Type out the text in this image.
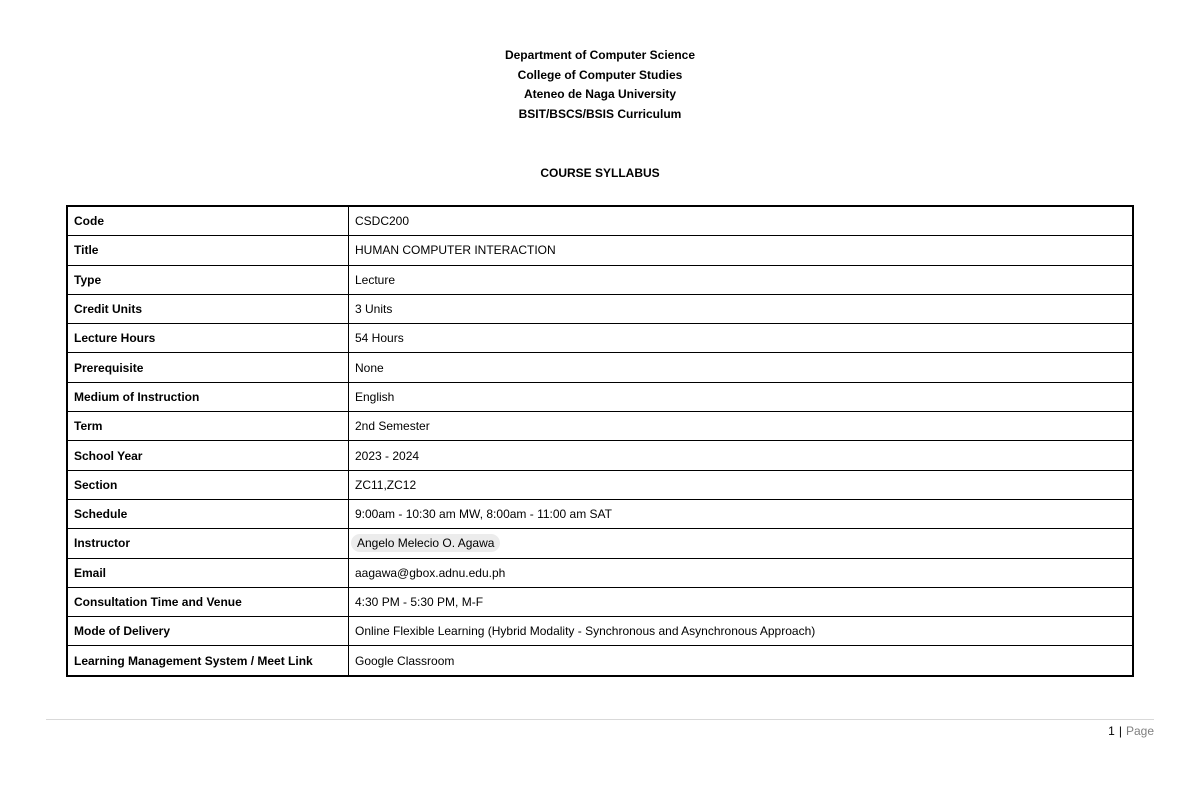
Department of Computer Science
College of Computer Studies
Ateneo de Naga University
BSIT/BSCS/BSIS Curriculum
COURSE SYLLABUS
Code	CSDC200
Title	HUMAN COMPUTER INTERACTION
Type	Lecture
Credit Units	3 Units
Lecture Hours	54 Hours
Prerequisite	None
Medium of Instruction	English
Term	2nd Semester
School Year	2023 - 2024
Section	ZC11,ZC12
Schedule	9:00am - 10:30 am MW, 8:00am - 11:00 am SAT
Instructor	Angelo Melecio O. Agawa
Email	aagawa@gbox.adnu.edu.ph
Consultation Time and Venue	4:30 PM - 5:30 PM, M-F
Mode of Delivery	Online Flexible Learning (Hybrid Modality - Synchronous and Asynchronous Approach)
Learning Management System / Meet Link	Google Classroom
1 | Page
